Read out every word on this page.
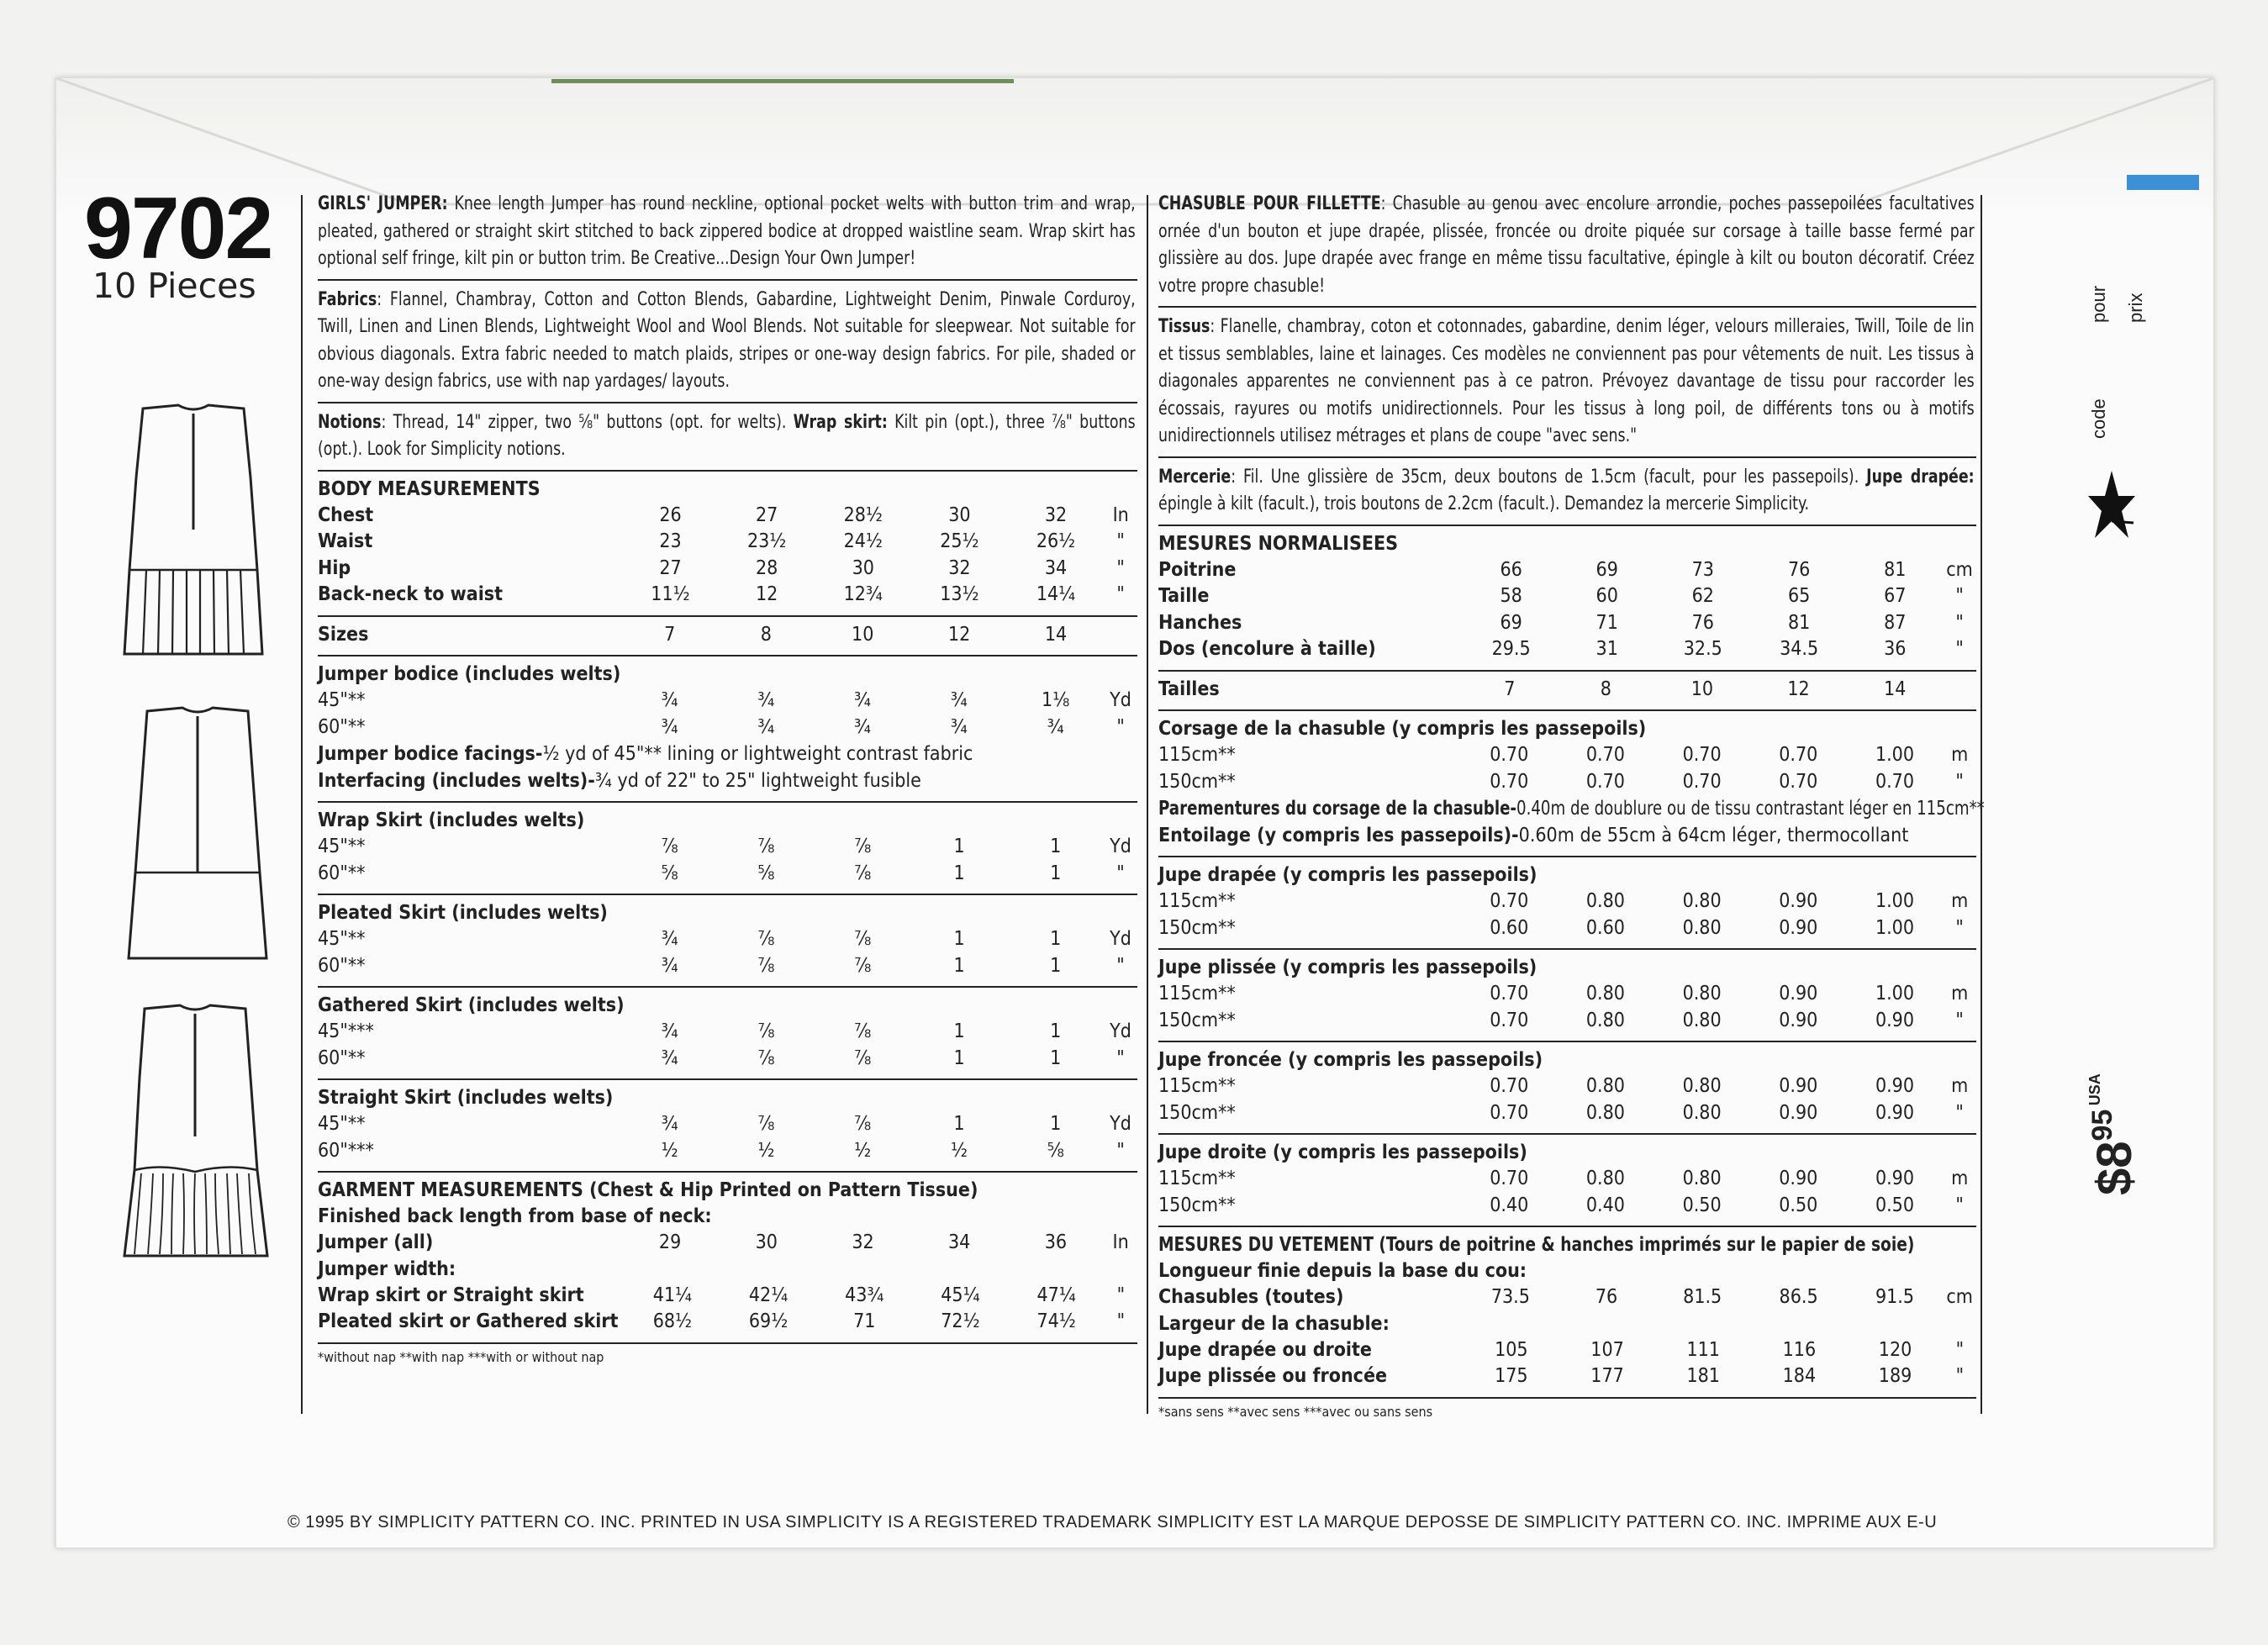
9702
10 Pieces

GIRLS' JUMPER: Knee length Jumper has round neckline, optional pocket welts with button trim and wrap, pleated, gathered or straight skirt stitched to back zippered bodice at dropped waistline seam. Wrap skirt has optional self fringe, kilt pin or button trim. Be Creative...Design Your Own Jumper!

Fabrics: Flannel, Chambray, Cotton and Cotton Blends, Gabardine, Lightweight Denim, Pinwale Corduroy, Twill, Linen and Linen Blends, Lightweight Wool and Wool Blends. Not suitable for sleepwear. Not suitable for obvious diagonals. Extra fabric needed to match plaids, stripes or one-way design fabrics. For pile, shaded or one-way design fabrics, use with nap yardages/ layouts.

Notions: Thread, 14" zipper, two ⅝" buttons (opt. for welts). Wrap skirt: Kilt pin (opt.), three ⅞" buttons (opt.). Look for Simplicity notions.

BODY MEASUREMENTS
Chest	26	27	28½	30	32	In
Waist	23	23½	24½	25½	26½	"
Hip	27	28	30	32	34	"
Back-neck to waist	11½	12	12¾	13½	14¼	"
Sizes	7	8	10	12	14	
Jumper bodice (includes welts)
45"**	¾	¾	¾	¾	1⅛	Yd
60"**	¾	¾	¾	¾	¾	"
Jumper bodice facings-½ yd of 45"** lining or lightweight contrast fabric
Interfacing (includes welts)-¾ yd of 22" to 25" lightweight fusible
Wrap Skirt (includes welts)
45"**	⅞	⅞	⅞	1	1	Yd
60"**	⅝	⅝	⅞	1	1	"
Pleated Skirt (includes welts)
45"**	¾	⅞	⅞	1	1	Yd
60"**	¾	⅞	⅞	1	1	"
Gathered Skirt (includes welts)
45"***	¾	⅞	⅞	1	1	Yd
60"**	¾	⅞	⅞	1	1	"
Straight Skirt (includes welts)
45"**	¾	⅞	⅞	1	1	Yd
60"***	½	½	½	½	⅝	"
GARMENT MEASUREMENTS (Chest & Hip Printed on Pattern Tissue)
Finished back length from base of neck:
Jumper (all)	29	30	32	34	36	In
Jumper width:
Wrap skirt or Straight skirt	41¼	42¼	43¾	45¼	47¼	"
Pleated skirt or Gathered skirt	68½	69½	71	72½	74½	"
*without nap **with nap ***with or without nap

CHASUBLE POUR FILLETTE: Chasuble au genou avec encolure arrondie, poches passepoilées facultatives ornée d'un bouton et jupe drapée, plissée, froncée ou droite piquée sur corsage à taille basse fermé par glissière au dos. Jupe drapée avec frange en même tissu facultative, épingle à kilt ou bouton décoratif. Créez votre propre chasuble!

Tissus: Flanelle, chambray, coton et cotonnades, gabardine, denim léger, velours milleraies, Twill, Toile de lin et tissus semblables, laine et lainages. Ces modèles ne conviennent pas pour vêtements de nuit. Les tissus à diagonales apparentes ne conviennent pas à ce patron. Prévoyez davantage de tissu pour raccorder les écossais, rayures ou motifs unidirectionnels. Pour les tissus à long poil, de différents tons ou à motifs unidirectionnels utilisez métrages et plans de coupe "avec sens."

Mercerie: Fil. Une glissière de 35cm, deux boutons de 1.5cm (facult, pour les passepoils). Jupe drapée: épingle à kilt (facult.), trois boutons de 2.2cm (facult.). Demandez la mercerie Simplicity.

MESURES NORMALISEES
Poitrine	66	69	73	76	81	cm
Taille	58	60	62	65	67	"
Hanches	69	71	76	81	87	"
Dos (encolure à taille)	29.5	31	32.5	34.5	36	"
Tailles	7	8	10	12	14	
Corsage de la chasuble (y compris les passepoils)
115cm**	0.70	0.70	0.70	0.70	1.00	m
150cm**	0.70	0.70	0.70	0.70	0.70	"
Parementures du corsage de la chasuble-0.40m de doublure ou de tissu contrastant léger en 115cm**
Entoilage (y compris les passepoils)-0.60m de 55cm à 64cm léger, thermocollant
Jupe drapée (y compris les passepoils)
115cm**	0.70	0.80	0.80	0.90	1.00	m
150cm**	0.60	0.60	0.80	0.90	1.00	"
Jupe plissée (y compris les passepoils)
115cm**	0.70	0.80	0.80	0.90	1.00	m
150cm**	0.70	0.80	0.80	0.90	0.90	"
Jupe froncée (y compris les passepoils)
115cm**	0.70	0.80	0.80	0.90	0.90	m
150cm**	0.70	0.80	0.80	0.90	0.90	"
Jupe droite (y compris les passepoils)
115cm**	0.70	0.80	0.80	0.90	0.90	m
150cm**	0.40	0.40	0.50	0.50	0.50	"
MESURES DU VETEMENT (Tours de poitrine & hanches imprimés sur le papier de soie)
Longueur finie depuis la base du cou:
Chasubles (toutes)	73.5	76	81.5	86.5	91.5	cm
Largeur de la chasuble:
Jupe drapée ou droite	105	107	111	116	120	"
Jupe plissée ou froncée	175	177	181	184	189	"
*sans sens **avec sens ***avec ou sans sens
© 1995 BY SIMPLICITY PATTERN CO. INC. PRINTED IN USA SIMPLICITY IS A REGISTERED TRADEMARK SIMPLICITY EST LA MARQUE DEPOSSE DE SIMPLICITY PATTERN CO. INC. IMPRIME AUX E-U
pour prix
code
$895 USA
